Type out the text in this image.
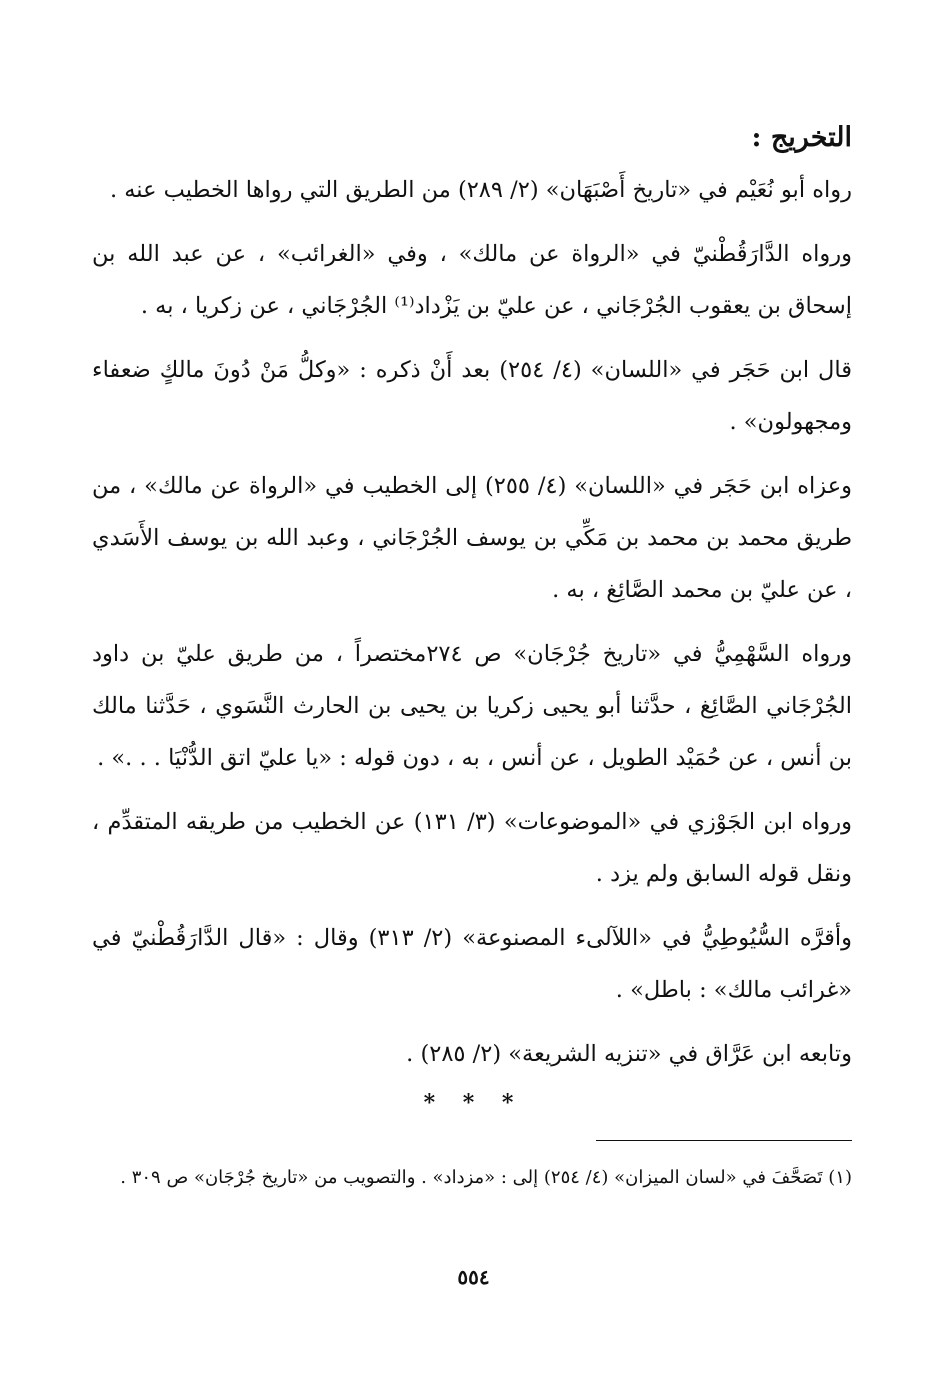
التخريج :

رواه أبو نُعَيْم في «تاريخ أَصْبَهَان» (٢/ ٢٨٩) من الطريق التي رواها الخطيب عنه .

ورواه الدَّارَقُطْنيّ في «الرواة عن مالك» ، وفي «الغرائب» ، عن عبد الله بن إسحاق بن يعقوب الجُرْجَاني ، عن عليّ بن يَزْداد⁽¹⁾ الجُرْجَاني ، عن زكريا ، به .

قال ابن حَجَر في «اللسان» (٤/ ٢٥٤) بعد أَنْ ذكره : «وكلُّ مَنْ دُونَ مالكٍ ضعفاء ومجهولون» .

وعزاه ابن حَجَر في «اللسان» (٤/ ٢٥٥) إلى الخطيب في «الرواة عن مالك» ، من طريق محمد بن محمد بن مَكِّي بن يوسف الجُرْجَاني ، وعبد الله بن يوسف الأَسَدي ، عن عليّ بن محمد الصَّائِغ ، به .

ورواه السَّهْمِيُّ في «تاريخ جُرْجَان» ص ٢٧٤مختصراً ، من طريق عليّ بن داود الجُرْجَاني الصَّائِغ ، حدَّثنا أبو يحيى زكريا بن يحيى بن الحارث النَّسَوي ، حَدَّثنا مالك بن أنس ، عن حُمَيْد الطويل ، عن أنس ، به ، دون قوله : «يا عليّ اتق الدُّنْيَا . . .» .

ورواه ابن الجَوْزي في «الموضوعات» (٣/ ١٣١) عن الخطيب من طريقه المتقدِّم ، ونقل قوله السابق ولم يزد .

وأقرَّه السُّيُوطِيُّ في «اللآلىء المصنوعة» (٢/ ٣١٣) وقال : «قال الدَّارَقُطْنيّ في «غرائب مالك» : باطل» .

وتابعه ابن عَرَّاق في «تنزيه الشريعة» (٢/ ٢٨٥) .

* * *
(١) تَصَحَّفَ في «لسان الميزان» (٤/ ٢٥٤) إلى : «مزداد» . والتصويب من «تاريخ جُرْجَان» ص ٣٠٩ .
٥٥٤
